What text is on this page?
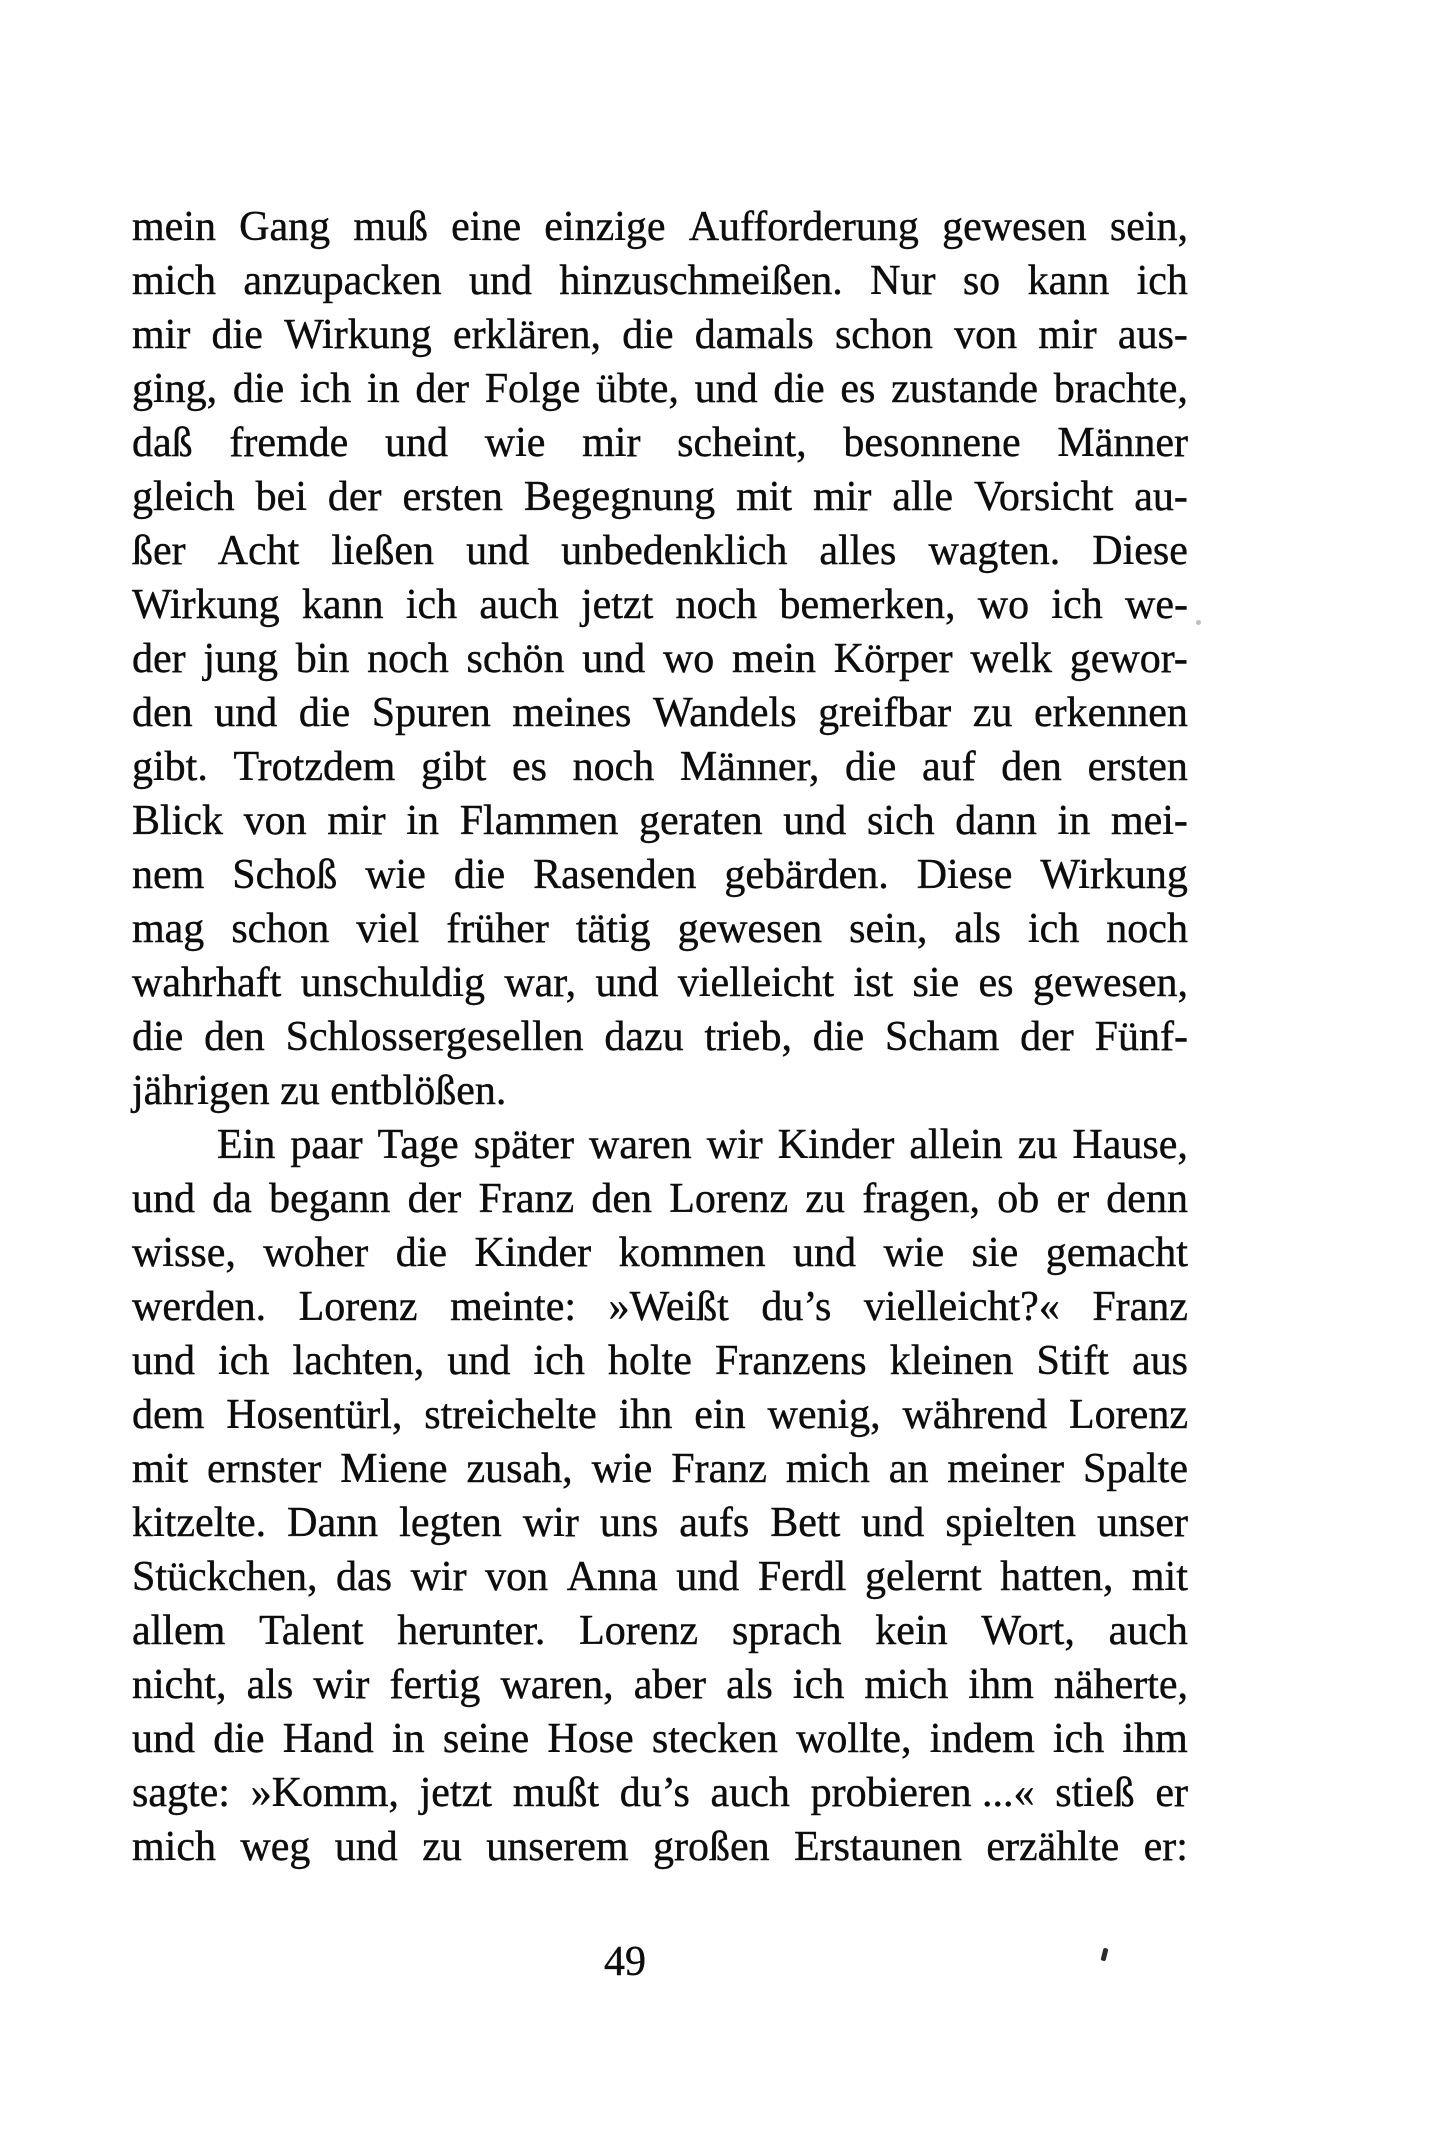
mein Gang muß eine einzige Aufforderung gewesen sein,
mich anzupacken und hinzuschmeißen. Nur so kann ich
mir die Wirkung erklären, die damals schon von mir aus-
ging, die ich in der Folge übte, und die es zustande brachte,
daß fremde und wie mir scheint, besonnene Männer
gleich bei der ersten Begegnung mit mir alle Vorsicht au-
ßer Acht ließen und unbedenklich alles wagten. Diese
Wirkung kann ich auch jetzt noch bemerken, wo ich we-
der jung bin noch schön und wo mein Körper welk gewor-
den und die Spuren meines Wandels greifbar zu erkennen
gibt. Trotzdem gibt es noch Männer, die auf den ersten
Blick von mir in Flammen geraten und sich dann in mei-
nem Schoß wie die Rasenden gebärden. Diese Wirkung
mag schon viel früher tätig gewesen sein, als ich noch
wahrhaft unschuldig war, und vielleicht ist sie es gewesen,
die den Schlossergesellen dazu trieb, die Scham der Fünf-
jährigen zu entblößen.
Ein paar Tage später waren wir Kinder allein zu Hause,
und da begann der Franz den Lorenz zu fragen, ob er denn
wisse, woher die Kinder kommen und wie sie gemacht
werden. Lorenz meinte: »Weißt du’s vielleicht?« Franz
und ich lachten, und ich holte Franzens kleinen Stift aus
dem Hosentürl, streichelte ihn ein wenig, während Lorenz
mit ernster Miene zusah, wie Franz mich an meiner Spalte
kitzelte. Dann legten wir uns aufs Bett und spielten unser
Stückchen, das wir von Anna und Ferdl gelernt hatten, mit
allem Talent herunter. Lorenz sprach kein Wort, auch
nicht, als wir fertig waren, aber als ich mich ihm näherte,
und die Hand in seine Hose stecken wollte, indem ich ihm
sagte: »Komm, jetzt mußt du’s auch probieren ...« stieß er
mich weg und zu unserem großen Erstaunen erzählte er:
49
